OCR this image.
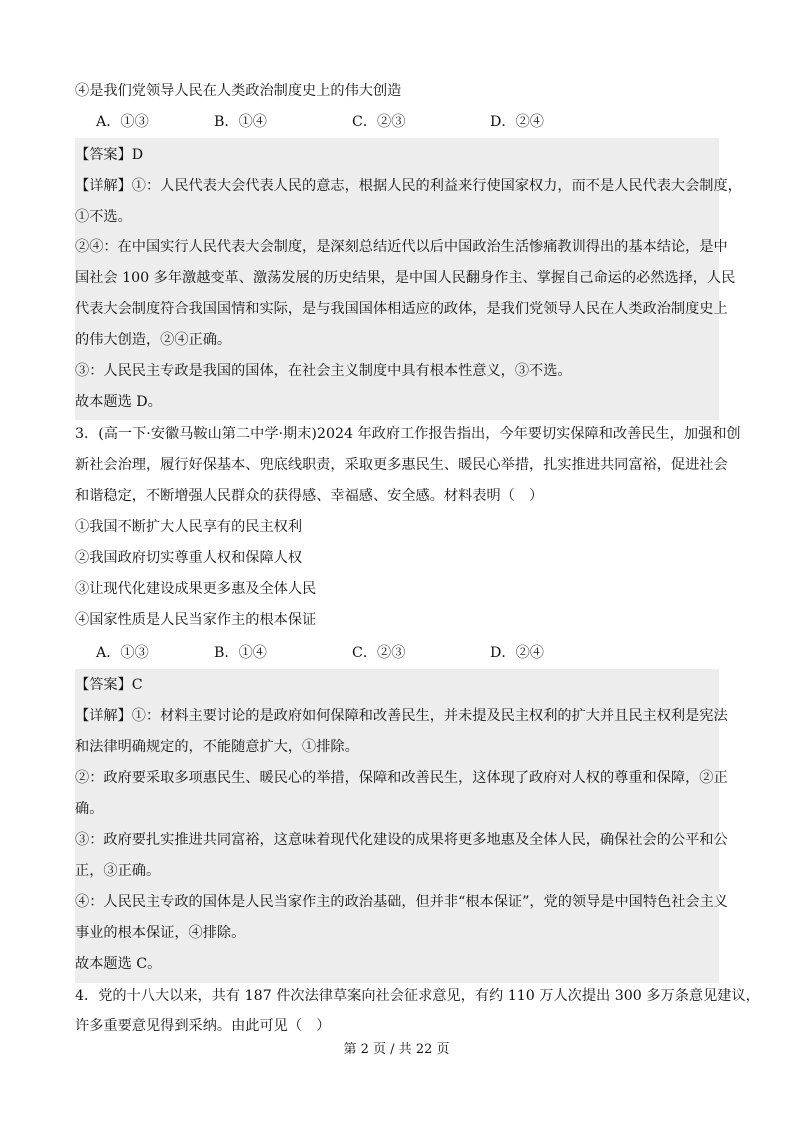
④是我们党领导人民在人类政治制度史上的伟大创造
A．①③	B．①④	C．②③	D．②④
【答案】D
【详解】①：人民代表大会代表人民的意志，根据人民的利益来行使国家权力，而不是人民代表大会制度，
①不选。
②④：在中国实行人民代表大会制度，是深刻总结近代以后中国政治生活惨痛教训得出的基本结论，是中
国社会 100 多年激越变革、激荡发展的历史结果，是中国人民翻身作主、掌握自己命运的必然选择，人民
代表大会制度符合我国国情和实际，是与我国国体相适应的政体，是我们党领导人民在人类政治制度史上
的伟大创造，②④正确。
③：人民民主专政是我国的国体，在社会主义制度中具有根本性意义，③不选。
故本题选 D。
3．(高一下·安徽马鞍山第二中学·期末)2024 年政府工作报告指出，今年要切实保障和改善民生，加强和创
新社会治理，履行好保基本、兜底线职责，采取更多惠民生、暖民心举措，扎实推进共同富裕，促进社会
和谐稳定，不断增强人民群众的获得感、幸福感、安全感。材料表明（　）
①我国不断扩大人民享有的民主权利
②我国政府切实尊重人权和保障人权
③让现代化建设成果更多惠及全体人民
④国家性质是人民当家作主的根本保证
A．①③	B．①④	C．②③	D．②④
【答案】C
【详解】①：材料主要讨论的是政府如何保障和改善民生，并未提及民主权利的扩大并且民主权利是宪法
和法律明确规定的，不能随意扩大，①排除。
②：政府要采取多项惠民生、暖民心的举措，保障和改善民生，这体现了政府对人权的尊重和保障，②正
确。
③：政府要扎实推进共同富裕，这意味着现代化建设的成果将更多地惠及全体人民，确保社会的公平和公
正，③正确。
④：人民民主专政的国体是人民当家作主的政治基础，但并非“根本保证”，党的领导是中国特色社会主义
事业的根本保证，④排除。
故本题选 C。
4．党的十八大以来，共有 187 件次法律草案向社会征求意见，有约 110 万人次提出 300 多万条意见建议，
许多重要意见得到采纳。由此可见（　）
第 2 页 / 共 22 页
